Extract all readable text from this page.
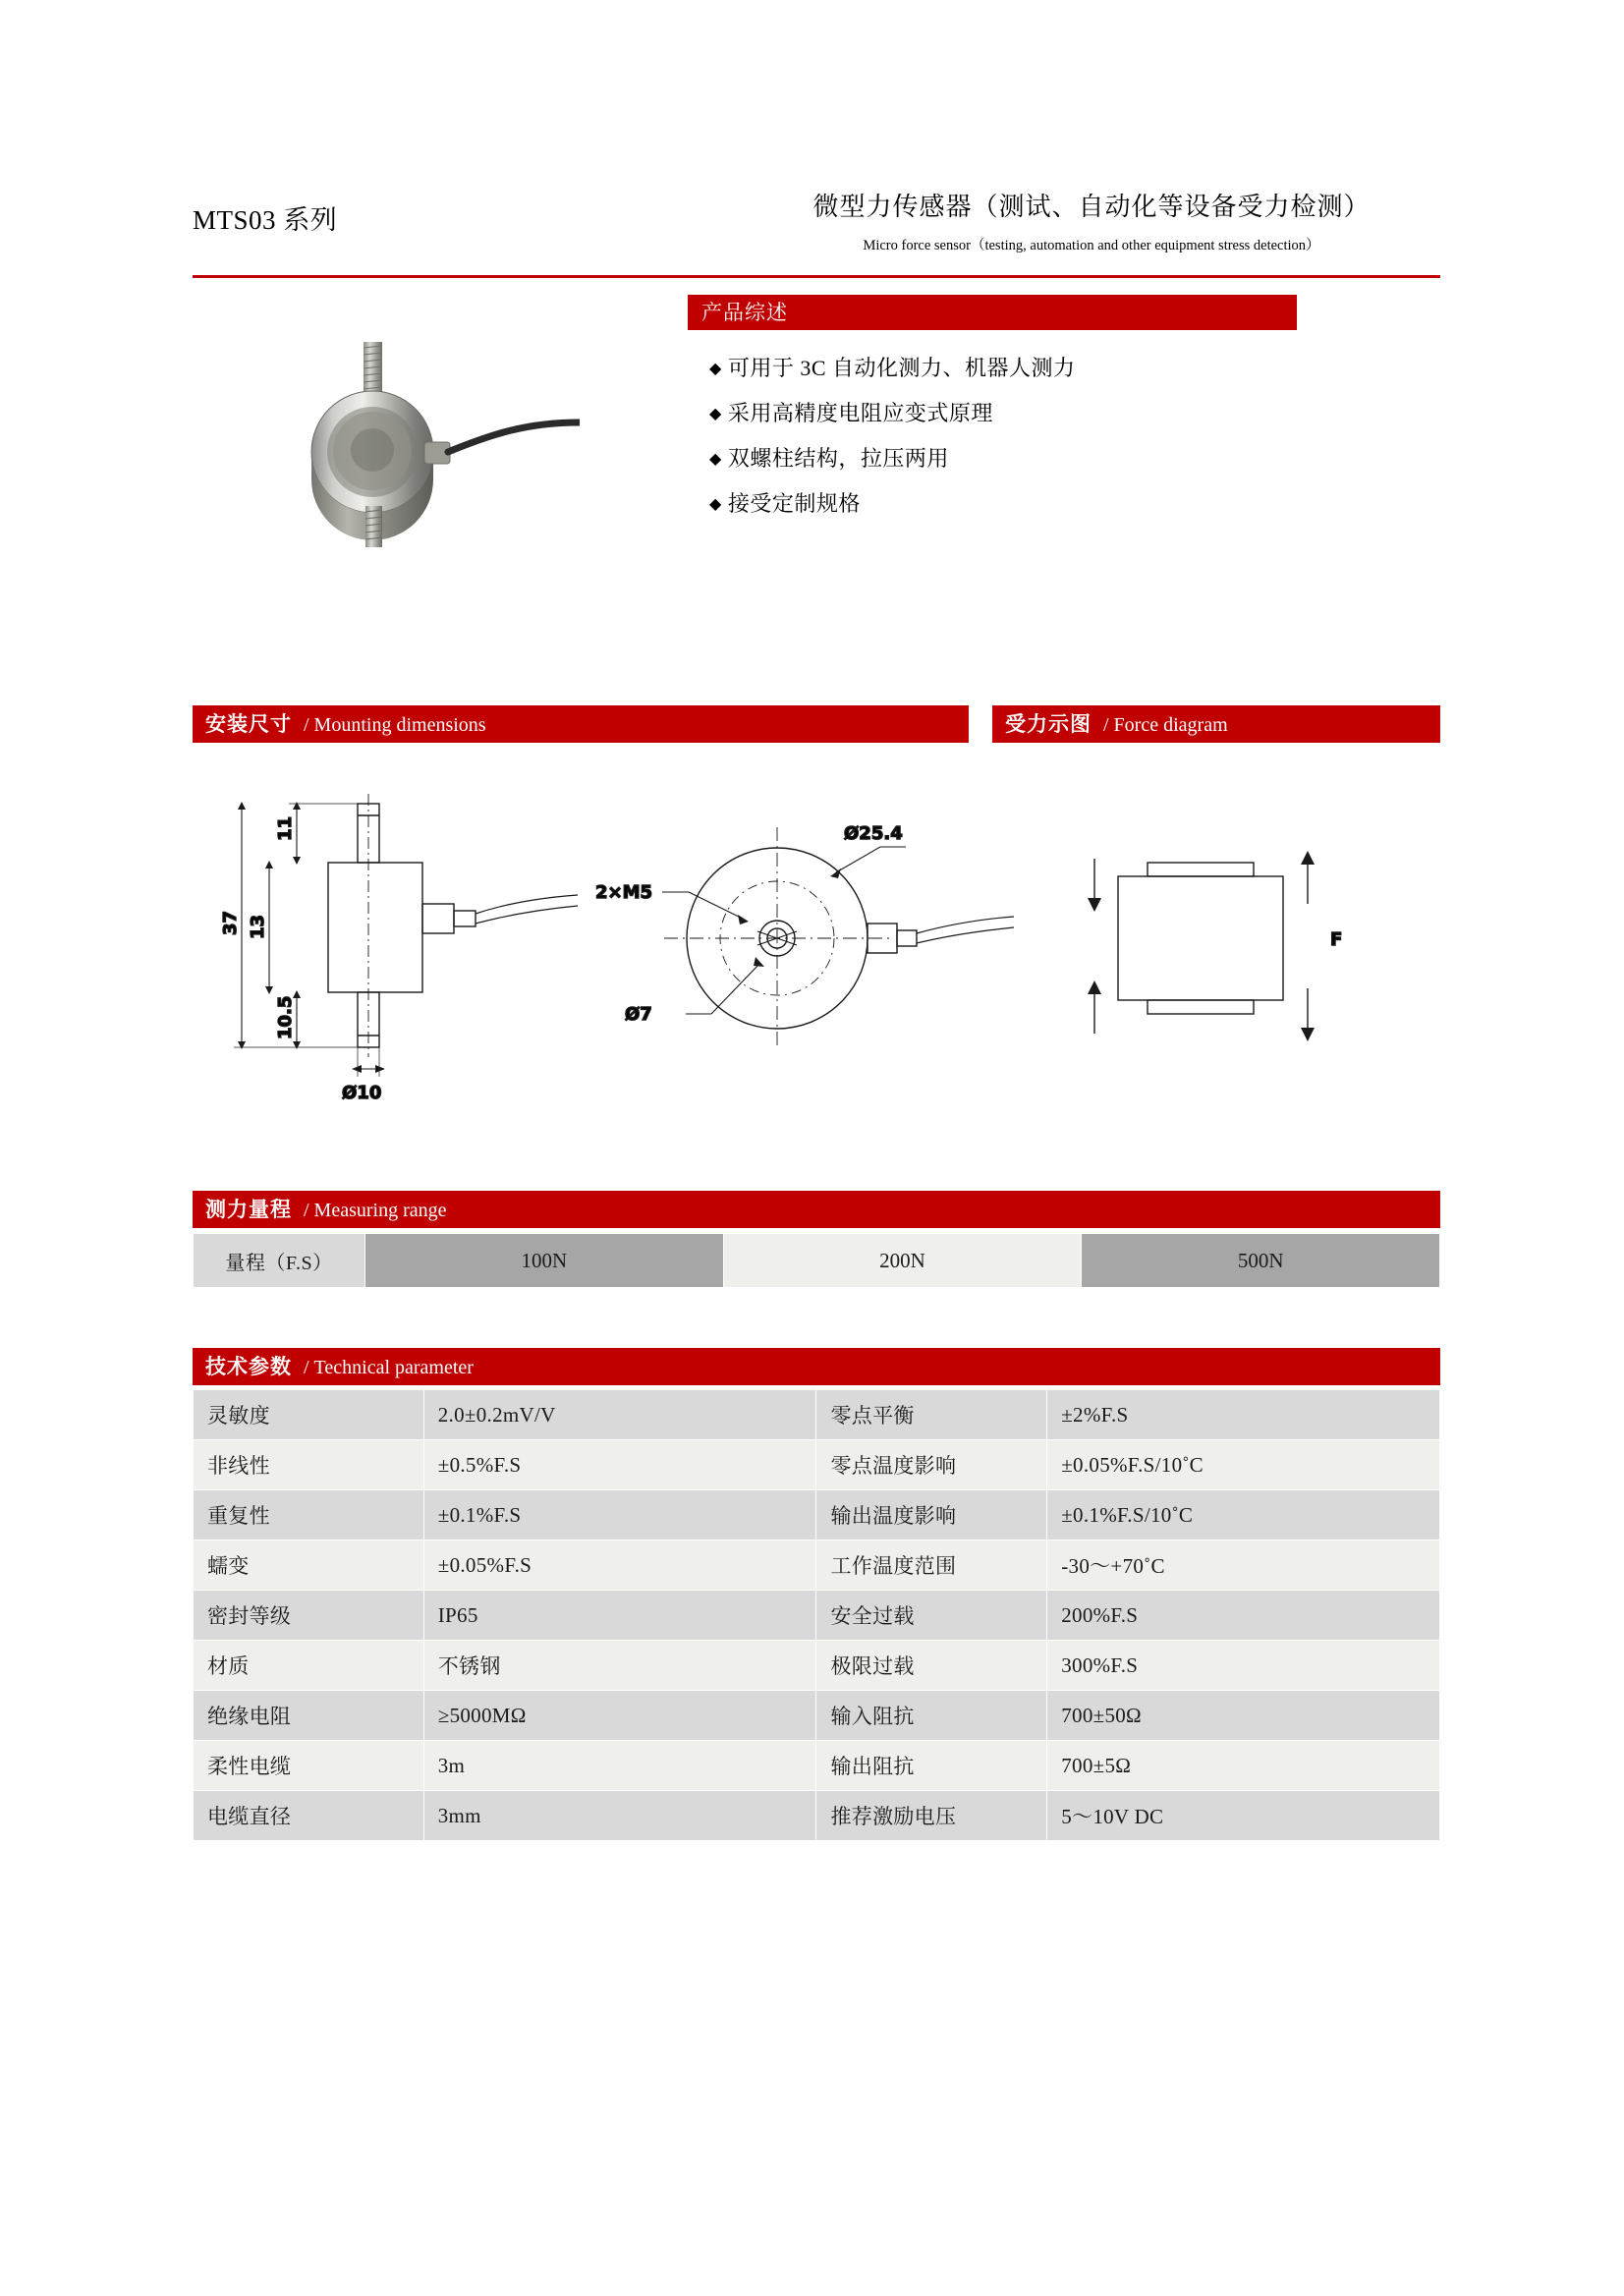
MTS03 系列	微型力传感器（测试、自动化等设备受力检测）
Micro force sensor（testing, automation and other equipment stress detection）
产品综述
◆ 可用于 3C 自动化测力、机器人测力
◆ 采用高精度电阻应变式原理
◆ 双螺柱结构，拉压两用
◆ 接受定制规格
安装尺寸 / Mounting dimensions	受力示图 / Force diagram
测力量程 / Measuring range
技术参数 / Technical parameter
11
13
37
10.5
Ø10
Ø25.4
2×M5
Ø7
F
量程（F.S）	100N	200N	500N
灵敏度	2.0±0.2mV/V	零点平衡	±2%F.S
非线性	±0.5%F.S	零点温度影响	±0.05%F.S/10˚C
重复性	±0.1%F.S	输出温度影响	±0.1%F.S/10˚C
蠕变	±0.05%F.S	工作温度范围	-30～+70˚C
密封等级	IP65	安全过载	200%F.S
材质	不锈钢	极限过载	300%F.S
绝缘电阻	≥5000MΩ	输入阻抗	700±50Ω
柔性电缆	3m	输出阻抗	700±5Ω
电缆直径	3mm	推荐激励电压	5～10V DC
